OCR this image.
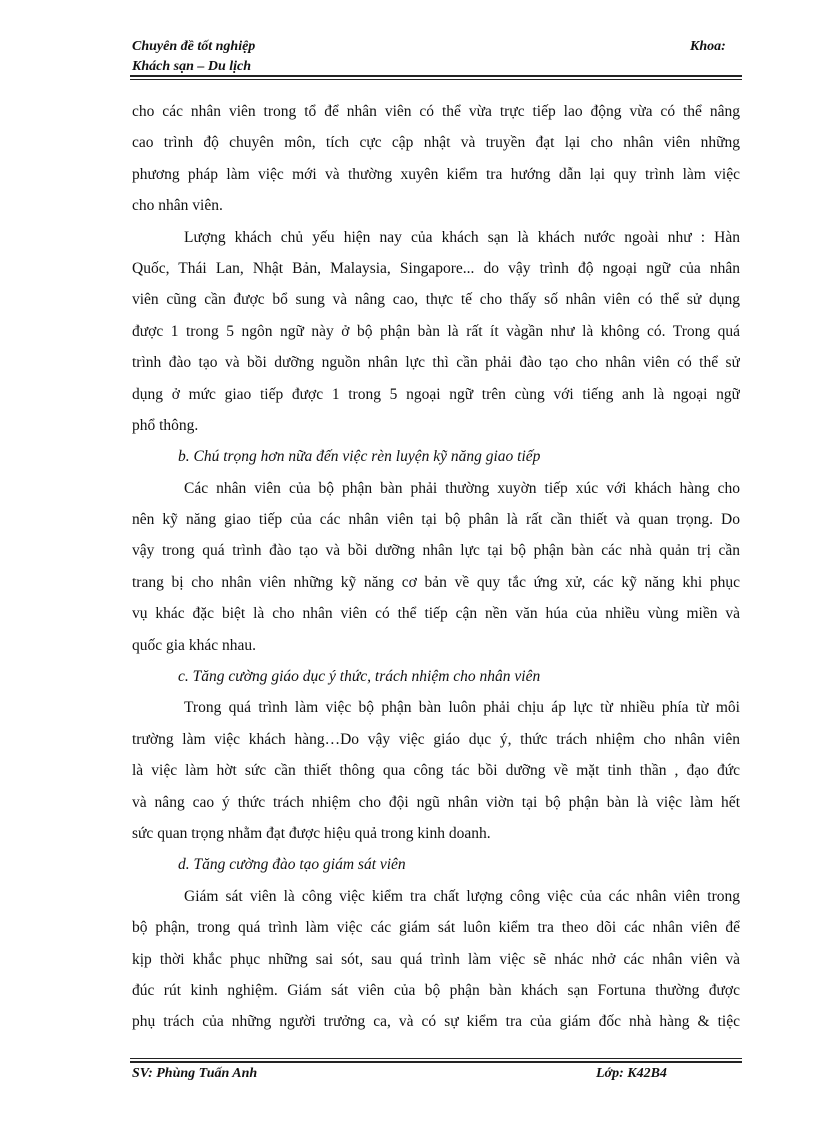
Chuyên đề tốt nghiệp
Khách sạn – Du lịch
Khoa:
cho các nhân viên trong tổ để nhân viên có thể vừa trực tiếp lao động vừa có thể nâng
cao trình độ chuyên môn, tích cực cập nhật và truyền đạt lại cho nhân viên những
phương pháp làm việc mới và thường xuyên kiểm tra hướng dẫn lại quy trình làm việc
cho nhân viên.
Lượng khách chủ yếu hiện nay của khách sạn là khách nước ngoài như : Hàn
Quốc, Thái Lan, Nhật Bản, Malaysia, Singapore... do vậy trình độ ngoại ngữ của nhân
viên cũng cần được bổ sung và nâng cao, thực tế cho thấy số nhân viên có thể sử dụng
được 1 trong 5 ngôn ngữ này ở bộ phận bàn là rất ít vàgần như là không có. Trong quá
trình đào tạo và bồi dưỡng nguồn nhân lực thì cần phải đào tạo cho nhân viên có thể sử
dụng ở mức giao tiếp được 1 trong 5 ngoại ngữ trên cùng với tiếng anh là ngoại ngữ
phổ thông.
b. Chú trọng hơn nữa đến việc rèn luyện kỹ năng giao tiếp
Các nhân viên của bộ phận bàn phải thường xuyờn tiếp xúc với khách hàng cho
nên kỹ năng giao tiếp của các nhân viên tại bộ phân là rất cần thiết và quan trọng. Do
vậy trong quá trình đào tạo và bồi dưỡng nhân lực tại bộ phận bàn các nhà quản trị cần
trang bị cho nhân viên những kỹ năng cơ bản về quy tắc ứng xử, các kỹ năng khi phục
vụ khác đặc biệt là cho nhân viên có thể tiếp cận nền văn húa của nhiều vùng miền và
quốc gia khác nhau.
c. Tăng cường giáo dục ý thức, trách nhiệm cho nhân viên
Trong quá trình làm việc bộ phận bàn luôn phải chịu áp lực từ nhiều phía từ môi
trường làm việc khách hàng…Do vậy việc giáo dục ý, thức trách nhiệm cho nhân viên
là việc làm hờt sức cần thiết thông qua công tác bồi dưỡng về mặt tinh thần , đạo đức
và nâng cao ý thức trách nhiệm cho đội ngũ nhân viờn tại bộ phận bàn là việc làm hết
sức quan trọng nhằm đạt được hiệu quả trong kinh doanh.
d. Tăng cường đào tạo giám sát viên
Giám sát viên là công việc kiểm tra chất lượng công việc của các nhân viên trong
bộ phận, trong quá trình làm việc các giám sát luôn kiểm tra theo dõi các nhân viên để
kịp thời khắc phục những sai sót, sau quá trình làm việc sẽ nhác nhở các nhân viên và
đúc rút kinh nghiệm. Giám sát viên của bộ phận bàn khách sạn Fortuna thường được
phụ trách của những người trưởng ca, và có sự kiểm tra của giám đốc nhà hàng & tiệc
SV: Phùng Tuấn Anh	Lớp: K42B4
